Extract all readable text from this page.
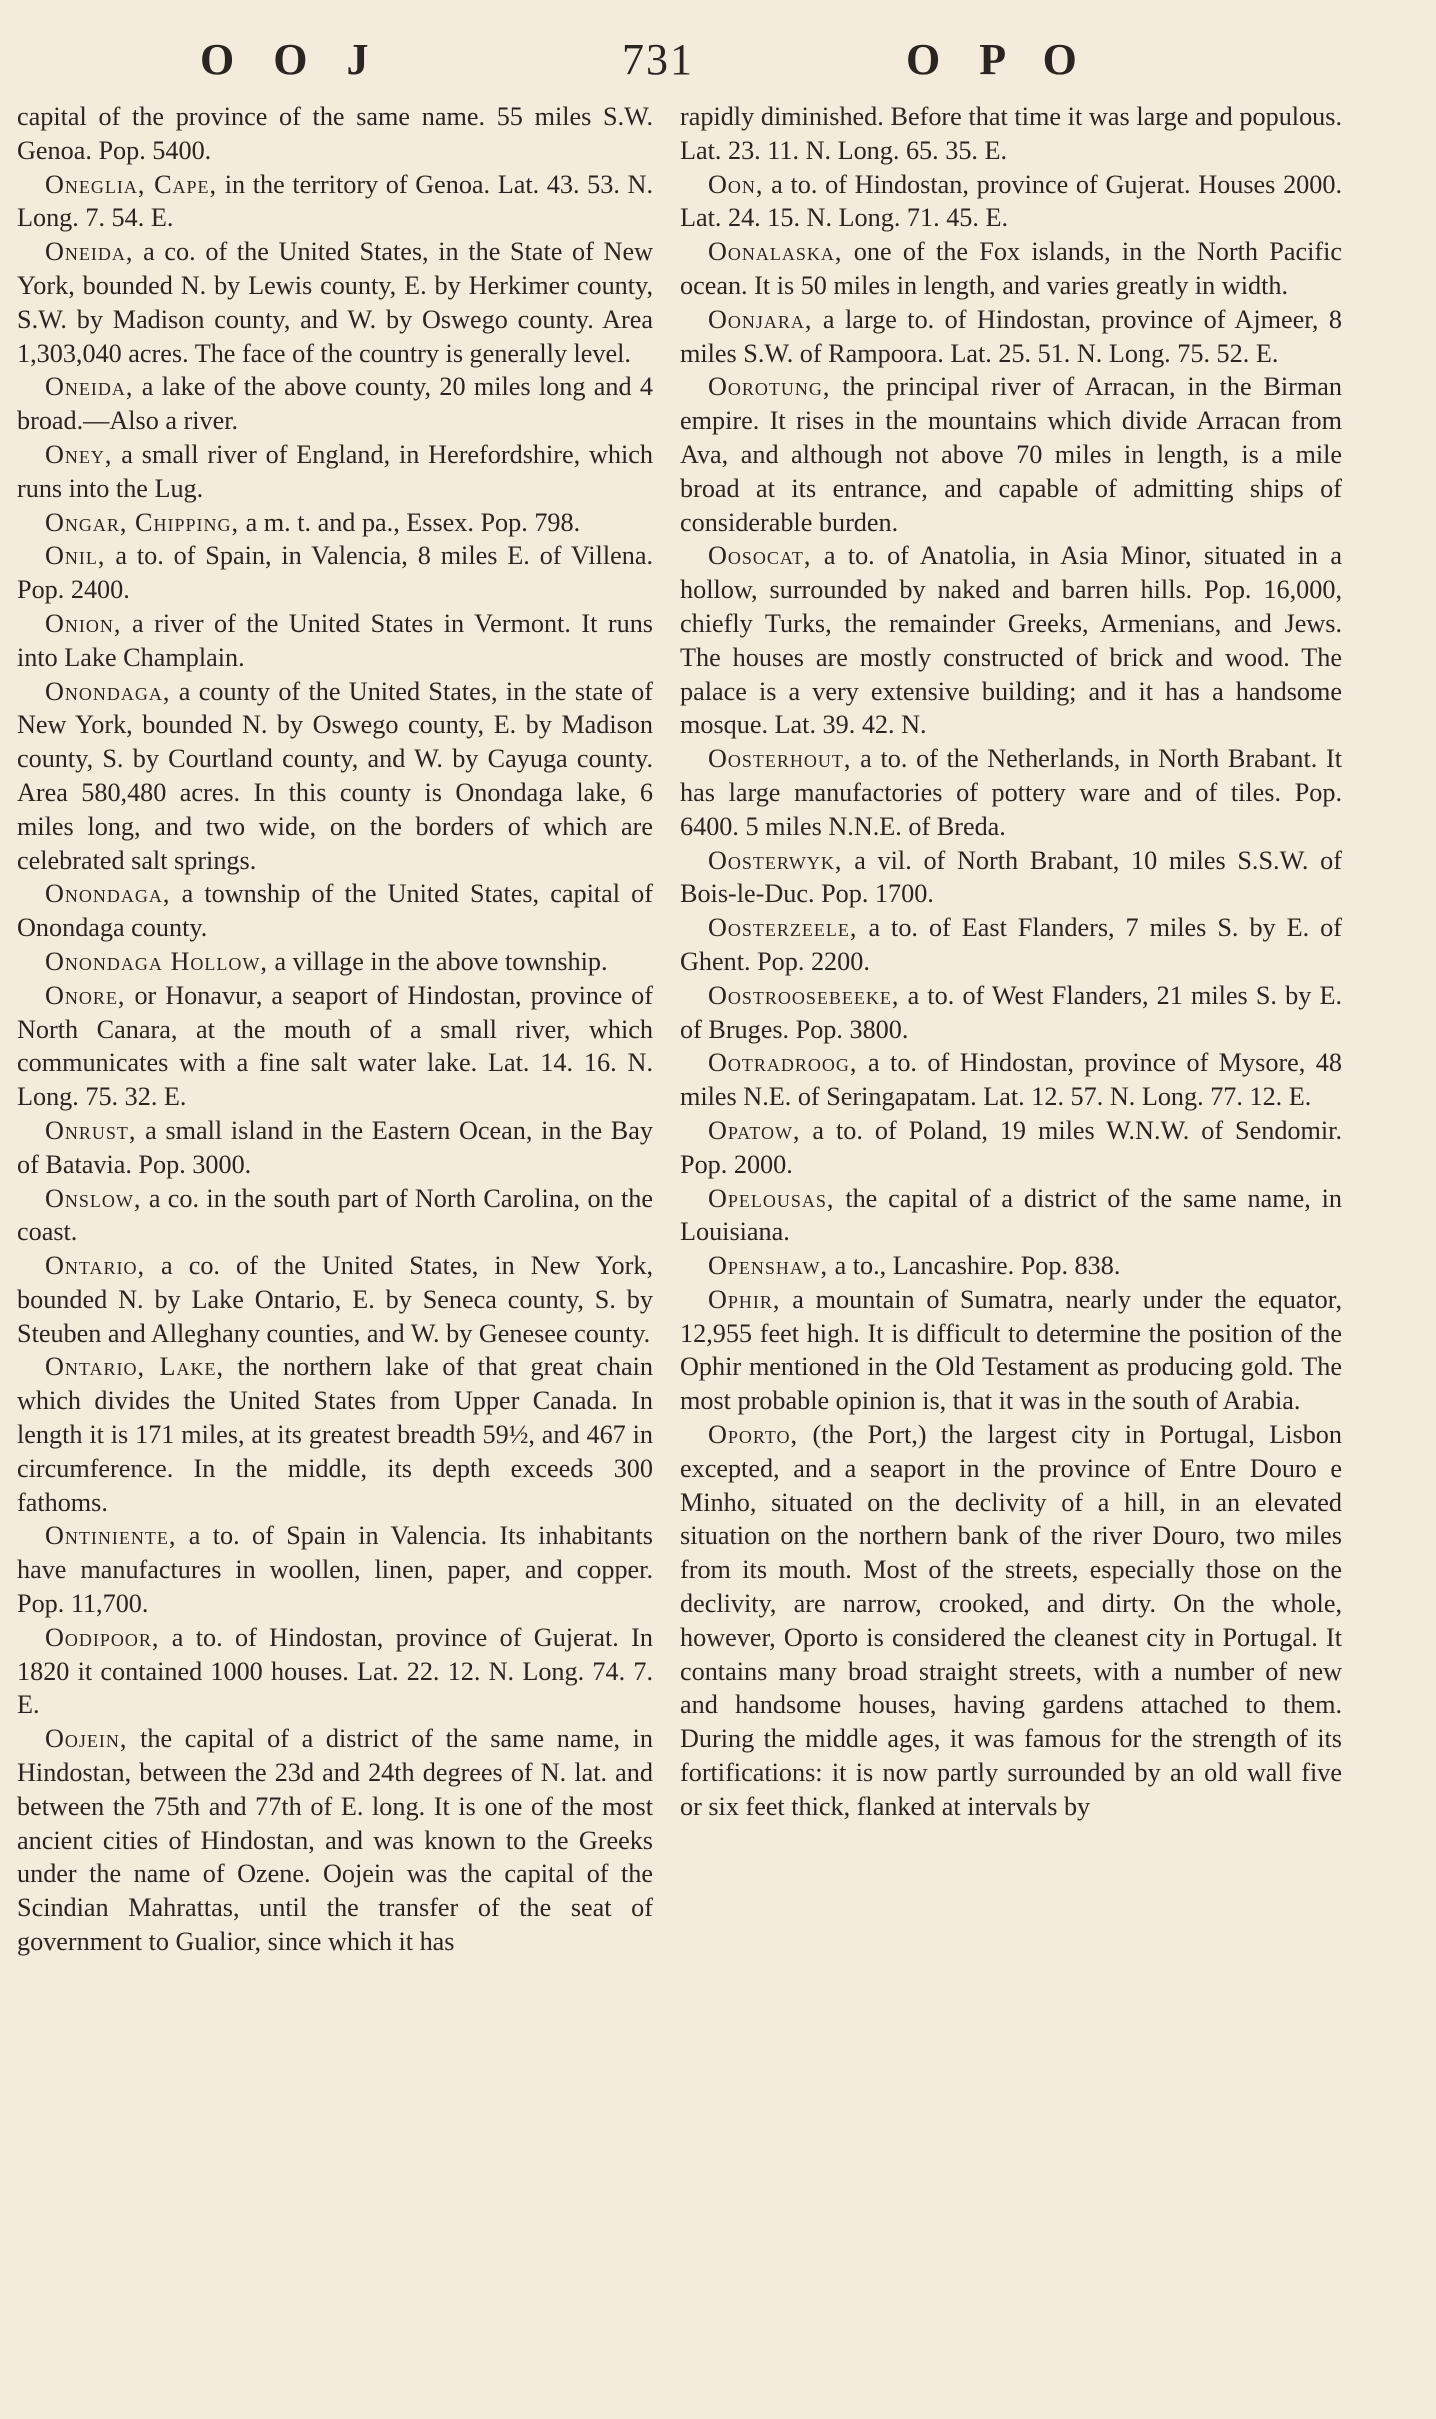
O O J	731	O P O

capital of the province of the same name. 55 miles S.W. Genoa. Pop. 5400.

Oneglia, Cape, in the territory of Genoa. Lat. 43. 53. N. Long. 7. 54. E.

Oneida, a co. of the United States, in the State of New York, bounded N. by Lewis county, E. by Herkimer county, S.W. by Madison county, and W. by Oswego county. Area 1,303,040 acres. The face of the country is generally level.

Oneida, a lake of the above county, 20 miles long and 4 broad.—Also a river.

Oney, a small river of England, in Herefordshire, which runs into the Lug.

Ongar, Chipping, a m. t. and pa., Essex. Pop. 798.

Onil, a to. of Spain, in Valencia, 8 miles E. of Villena. Pop. 2400.

Onion, a river of the United States in Vermont. It runs into Lake Champlain.

Onondaga, a county of the United States, in the state of New York, bounded N. by Oswego county, E. by Madison county, S. by Courtland county, and W. by Cayuga county. Area 580,480 acres. In this county is Onondaga lake, 6 miles long, and two wide, on the borders of which are celebrated salt springs.

Onondaga, a township of the United States, capital of Onondaga county.

Onondaga Hollow, a village in the above township.

Onore, or Honavur, a seaport of Hindostan, province of North Canara, at the mouth of a small river, which communicates with a fine salt water lake. Lat. 14. 16. N. Long. 75. 32. E.

Onrust, a small island in the Eastern Ocean, in the Bay of Batavia. Pop. 3000.

Onslow, a co. in the south part of North Carolina, on the coast.

Ontario, a co. of the United States, in New York, bounded N. by Lake Ontario, E. by Seneca county, S. by Steuben and Alleghany counties, and W. by Genesee county.

Ontario, Lake, the northern lake of that great chain which divides the United States from Upper Canada. In length it is 171 miles, at its greatest breadth 59½, and 467 in circumference. In the middle, its depth exceeds 300 fathoms.

Ontiniente, a to. of Spain in Valencia. Its inhabitants have manufactures in woollen, linen, paper, and copper. Pop. 11,700.

Oodipoor, a to. of Hindostan, province of Gujerat. In 1820 it contained 1000 houses. Lat. 22. 12. N. Long. 74. 7. E.

Oojein, the capital of a district of the same name, in Hindostan, between the 23d and 24th degrees of N. lat. and between the 75th and 77th of E. long. It is one of the most ancient cities of Hindostan, and was known to the Greeks under the name of Ozene. Oojein was the capital of the Scindian Mahrattas, until the transfer of the seat of government to Gualior, since which it has

rapidly diminished. Before that time it was large and populous. Lat. 23. 11. N. Long. 65. 35. E.

Oon, a to. of Hindostan, province of Gujerat. Houses 2000. Lat. 24. 15. N. Long. 71. 45. E.

Oonalaska, one of the Fox islands, in the North Pacific ocean. It is 50 miles in length, and varies greatly in width.

Oonjara, a large to. of Hindostan, province of Ajmeer, 8 miles S.W. of Rampoora. Lat. 25. 51. N. Long. 75. 52. E.

Oorotung, the principal river of Arracan, in the Birman empire. It rises in the mountains which divide Arracan from Ava, and although not above 70 miles in length, is a mile broad at its entrance, and capable of admitting ships of considerable burden.

Oosocat, a to. of Anatolia, in Asia Minor, situated in a hollow, surrounded by naked and barren hills. Pop. 16,000, chiefly Turks, the remainder Greeks, Armenians, and Jews. The houses are mostly constructed of brick and wood. The palace is a very extensive building; and it has a handsome mosque. Lat. 39. 42. N.

Oosterhout, a to. of the Netherlands, in North Brabant. It has large manufactories of pottery ware and of tiles. Pop. 6400. 5 miles N.N.E. of Breda.

Oosterwyk, a vil. of North Brabant, 10 miles S.S.W. of Bois-le-Duc. Pop. 1700.

Oosterzeele, a to. of East Flanders, 7 miles S. by E. of Ghent. Pop. 2200.

Oostroosebeeke, a to. of West Flanders, 21 miles S. by E. of Bruges. Pop. 3800.

Ootradroog, a to. of Hindostan, province of Mysore, 48 miles N.E. of Seringapatam. Lat. 12. 57. N. Long. 77. 12. E.

Opatow, a to. of Poland, 19 miles W.N.W. of Sendomir. Pop. 2000.

Opelousas, the capital of a district of the same name, in Louisiana.

Openshaw, a to., Lancashire. Pop. 838.

Ophir, a mountain of Sumatra, nearly under the equator, 12,955 feet high. It is difficult to determine the position of the Ophir mentioned in the Old Testament as producing gold. The most probable opinion is, that it was in the south of Arabia.

Oporto, (the Port,) the largest city in Portugal, Lisbon excepted, and a seaport in the province of Entre Douro e Minho, situated on the declivity of a hill, in an elevated situation on the northern bank of the river Douro, two miles from its mouth. Most of the streets, especially those on the declivity, are narrow, crooked, and dirty. On the whole, however, Oporto is considered the cleanest city in Portugal. It contains many broad straight streets, with a number of new and handsome houses, having gardens attached to them. During the middle ages, it was famous for the strength of its fortifications: it is now partly surrounded by an old wall five or six feet thick, flanked at intervals by
